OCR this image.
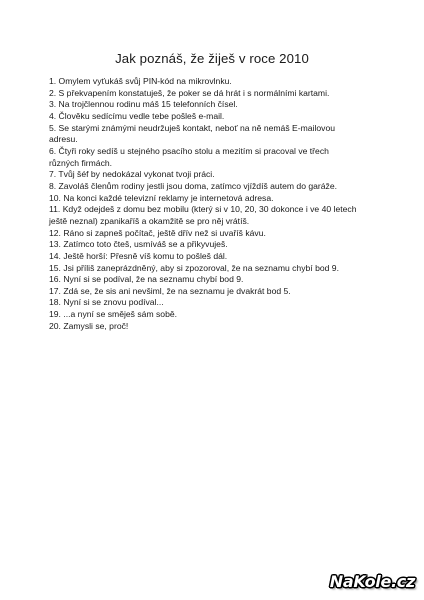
Jak poznáš, že žiješ v roce 2010
1. Omylem vyťukáš svůj PIN-kód na mikrovlnku.
2. S překvapením konstatuješ, že poker se dá hrát i s normálními kartami.
3. Na trojčlennou rodinu máš 15 telefonních čísel.
4. Člověku sedícímu vedle tebe pošleš e-mail.
5. Se starými známými neudržuješ kontakt, neboť na ně nemáš E-mailovou adresu.
6. Čtyři roky sedíš u stejného psacího stolu a mezitím si pracoval ve třech různých firmách.
7. Tvůj šéf by nedokázal vykonat tvoji práci.
8. Zavoláš členům rodiny jestli jsou doma, zatímco vjíždíš autem do garáže.
10. Na konci každé televizní reklamy je internetová adresa.
11. Když odejdeš z domu bez mobilu (který si v 10, 20, 30 dokonce i ve 40 letech ještě neznal) zpanikaříš a okamžitě se pro něj vrátíš.
12. Ráno si zapneš počítač, ještě dřív než si uvaříš kávu.
13. Zatímco toto čteš, usmíváš se a přikyvuješ.
14. Ještě horší: Přesně víš komu to pošleš dál.
15. Jsi příliš zaneprázdněný, aby si zpozoroval, že na seznamu chybí bod 9.
16. Nyní si se podíval, že na seznamu chybí bod 9.
17. Zdá se, že sis ani nevšiml, že na seznamu je dvakrát bod 5.
18. Nyní si se znovu podíval...
19. ...a nyní se směješ sám sobě.
20. Zamysli se, proč!
NaKole.cz
